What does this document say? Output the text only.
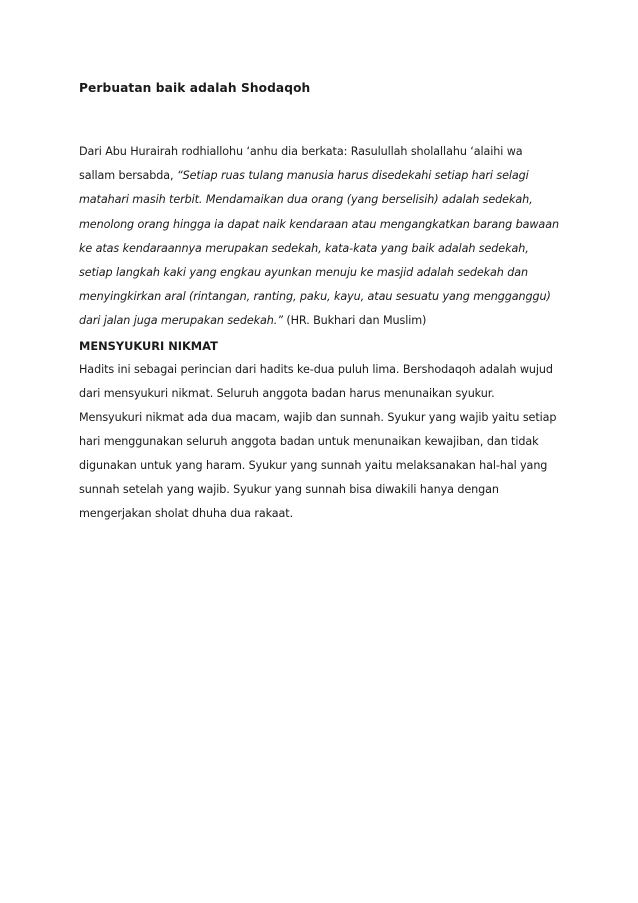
Perbuatan baik adalah Shodaqoh

Dari Abu Hurairah rodhiallohu ‘anhu dia berkata: Rasulullah sholallahu ‘alaihi wa sallam bersabda, “Setiap ruas tulang manusia harus disedekahi setiap hari selagi matahari masih terbit. Mendamaikan dua orang (yang berselisih) adalah sedekah, menolong orang hingga ia dapat naik kendaraan atau mengangkatkan barang bawaan ke atas kendaraannya merupakan sedekah, kata-kata yang baik adalah sedekah, setiap langkah kaki yang engkau ayunkan menuju ke masjid adalah sedekah dan menyingkirkan aral (rintangan, ranting, paku, kayu, atau sesuatu yang mengganggu) dari jalan juga merupakan sedekah.” (HR. Bukhari dan Muslim)

MENSYUKURI NIKMAT

Hadits ini sebagai perincian dari hadits ke-dua puluh lima. Bershodaqoh adalah wujud dari mensyukuri nikmat. Seluruh anggota badan harus menunaikan syukur. Mensyukuri nikmat ada dua macam, wajib dan sunnah. Syukur yang wajib yaitu setiap hari menggunakan seluruh anggota badan untuk menunaikan kewajiban, dan tidak digunakan untuk yang haram. Syukur yang sunnah yaitu melaksanakan hal-hal yang sunnah setelah yang wajib. Syukur yang sunnah bisa diwakili hanya dengan mengerjakan sholat dhuha dua rakaat.
